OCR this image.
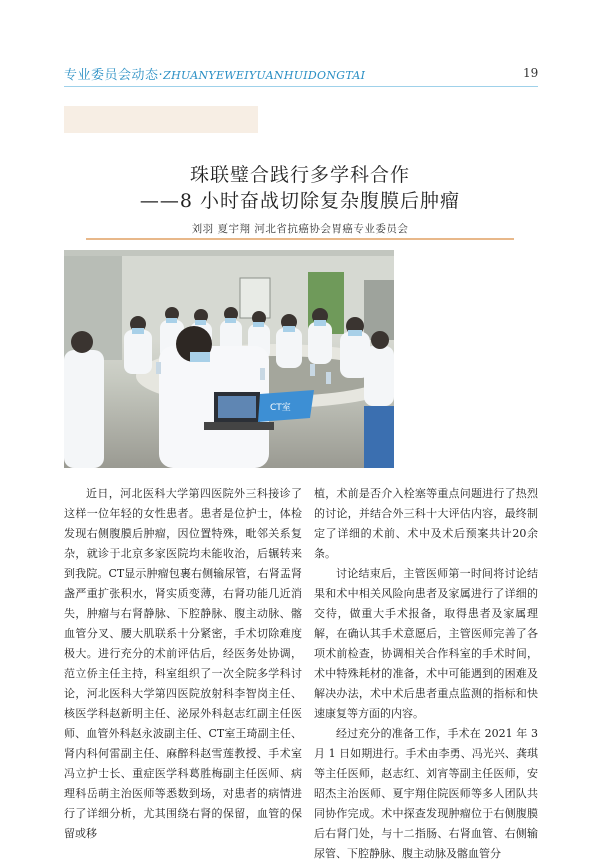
专业委员会动态·ZHUANYEWEIYUANHUIDONGTAI	19
珠联璧合践行多学科合作
——8 小时奋战切除复杂腹膜后肿瘤
刘羽 夏宇翔 河北省抗癌协会胃癌专业委员会
CT室

近日，河北医科大学第四医院外三科接诊了这样一位年轻的女性患者。患者是位护士，体检发现右侧腹膜后肿瘤，因位置特殊，毗邻关系复杂，就诊于北京多家医院均未能收治，后辗转来到我院。CT显示肿瘤包裹右侧输尿管，右肾盂肾盏严重扩张积水，肾实质变薄，右肾功能几近消失，肿瘤与右肾静脉、下腔静脉、腹主动脉、髂血管分叉、腰大肌联系十分紧密，手术切除难度极大。进行充分的术前评估后，经医务处协调，范立侨主任主持，科室组织了一次全院多学科讨论，河北医科大学第四医院放射科李智岗主任、核医学科赵新明主任、泌尿外科赵志红副主任医师、血管外科赵永波副主任、CT室王琦副主任、肾内科何雷副主任、麻醉科赵雪莲教授、手术室冯立护士长、重症医学科葛胜梅副主任医师、病理科岳萌主治医师等悉数到场，对患者的病情进行了详细分析，尤其围绕右肾的保留，血管的保留或移

植，术前是否介入栓塞等重点问题进行了热烈的讨论，并结合外三科十大评估内容，最终制定了详细的术前、术中及术后预案共计20余条。

讨论结束后，主管医师第一时间将讨论结果和术中相关风险向患者及家属进行了详细的交待，做重大手术报备，取得患者及家属理解，在确认其手术意愿后，主管医师完善了各项术前检查，协调相关合作科室的手术时间，术中特殊耗材的准备，术中可能遇到的困难及解决办法，术中术后患者重点监测的指标和快速康复等方面的内容。

经过充分的准备工作，手术在 2021 年 3 月 1 日如期进行。手术由李勇、冯光兴、龚琪等主任医师，赵志红、刘宵等副主任医师，安昭杰主治医师、夏宇翔住院医师等多人团队共同协作完成。术中探查发现肿瘤位于右侧腹膜后右肾门处，与十二指肠、右肾血管、右侧输尿管、下腔静脉、腹主动脉及髂血管分
